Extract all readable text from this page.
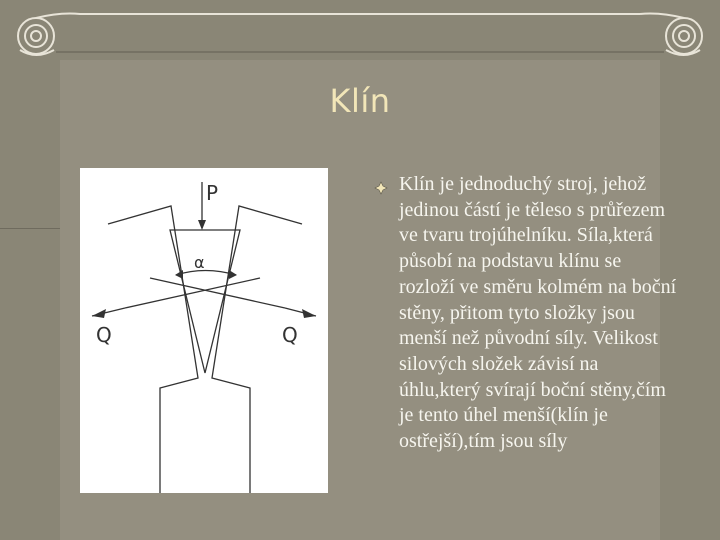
Klín
P
α
Q	Q
Klín je jednoduchý stroj, jehož jedinou částí je těleso s průřezem ve tvaru trojúhelníku. Síla,která působí na podstavu klínu se rozloží ve směru kolmém na boční stěny, přitom tyto složky jsou menší než původní síly. Velikost silových složek závisí na úhlu,který svírají boční stěny,čím je tento úhel menší(klín je ostřejší),tím jsou síly
